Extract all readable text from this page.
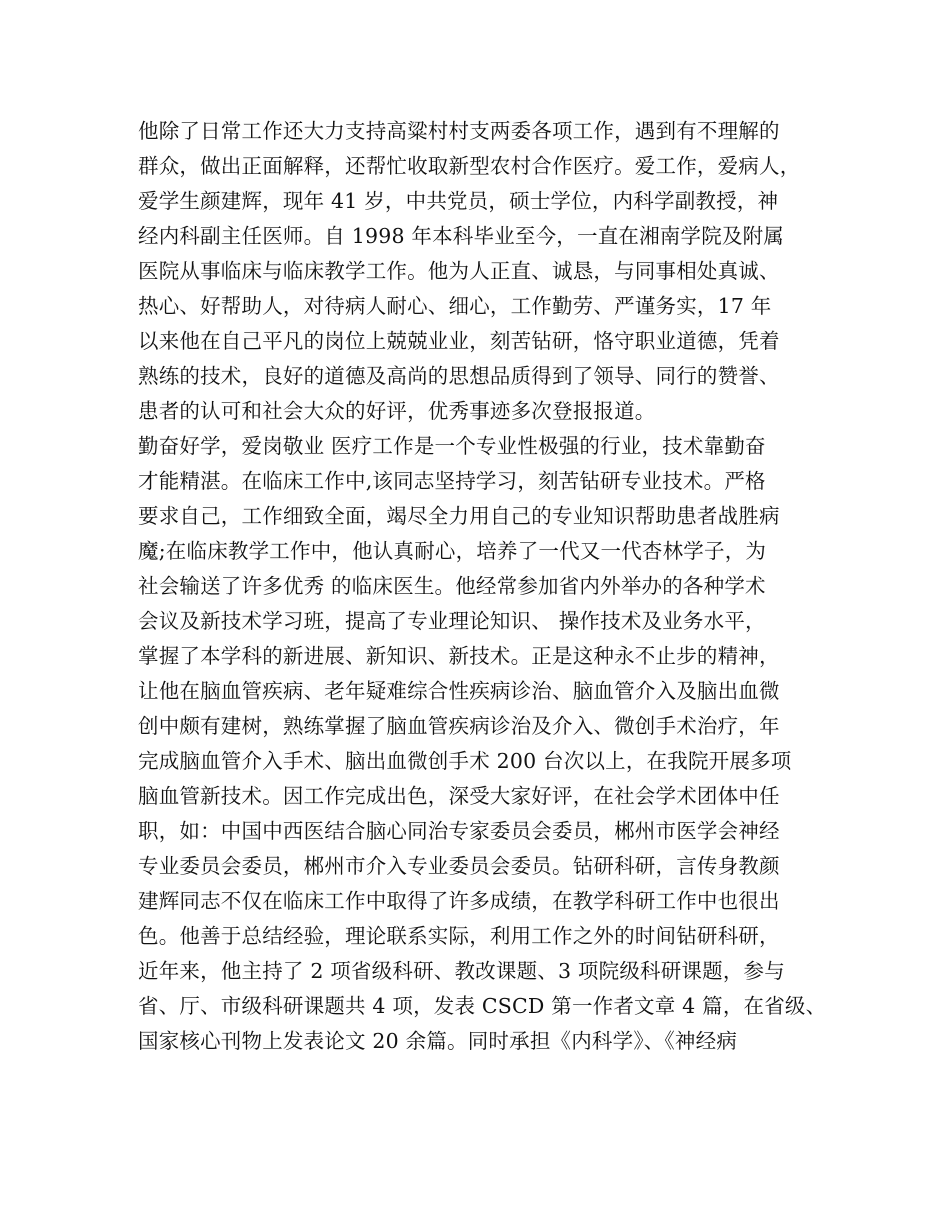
他除了日常工作还大力支持高粱村村支两委各项工作，遇到有不理解的
群众，做出正面解释，还帮忙收取新型农村合作医疗。爱工作，爱病人，
爱学生颜建辉，现年 41 岁，中共党员，硕士学位，内科学副教授，神
经内科副主任医师。自 1998 年本科毕业至今，一直在湘南学院及附属
医院从事临床与临床教学工作。他为人正直、诚恳，与同事相处真诚、
热心、好帮助人，对待病人耐心、细心，工作勤劳、严谨务实，17 年
以来他在自己平凡的岗位上兢兢业业，刻苦钻研，恪守职业道德，凭着
熟练的技术，良好的道德及高尚的思想品质得到了领导、同行的赞誉、
患者的认可和社会大众的好评，优秀事迹多次登报报道。
勤奋好学，爱岗敬业 医疗工作是一个专业性极强的行业，技术靠勤奋
才能精湛。在临床工作中,该同志坚持学习，刻苦钻研专业技术。严格
要求自己，工作细致全面，竭尽全力用自己的专业知识帮助患者战胜病
魔;在临床教学工作中，他认真耐心，培养了一代又一代杏林学子，为
社会输送了许多优秀 的临床医生。他经常参加省内外举办的各种学术
会议及新技术学习班，提高了专业理论知识、 操作技术及业务水平，
掌握了本学科的新进展、新知识、新技术。正是这种永不止步的精神，
让他在脑血管疾病、老年疑难综合性疾病诊治、脑血管介入及脑出血微
创中颇有建树，熟练掌握了脑血管疾病诊治及介入、微创手术治疗，年
完成脑血管介入手术、脑出血微创手术 200 台次以上，在我院开展多项
脑血管新技术。因工作完成出色，深受大家好评，在社会学术团体中任
职，如：中国中西医结合脑心同治专家委员会委员，郴州市医学会神经
专业委员会委员，郴州市介入专业委员会委员。钻研科研，言传身教颜
建辉同志不仅在临床工作中取得了许多成绩，在教学科研工作中也很出
色。他善于总结经验，理论联系实际，利用工作之外的时间钻研科研，
近年来，他主持了 2 项省级科研、教改课题、3 项院级科研课题，参与
省、厅、市级科研课题共 4 项，发表 CSCD 第一作者文章 4 篇，在省级、
国家核心刊物上发表论文 20 余篇。同时承担《内科学》、《神经病
